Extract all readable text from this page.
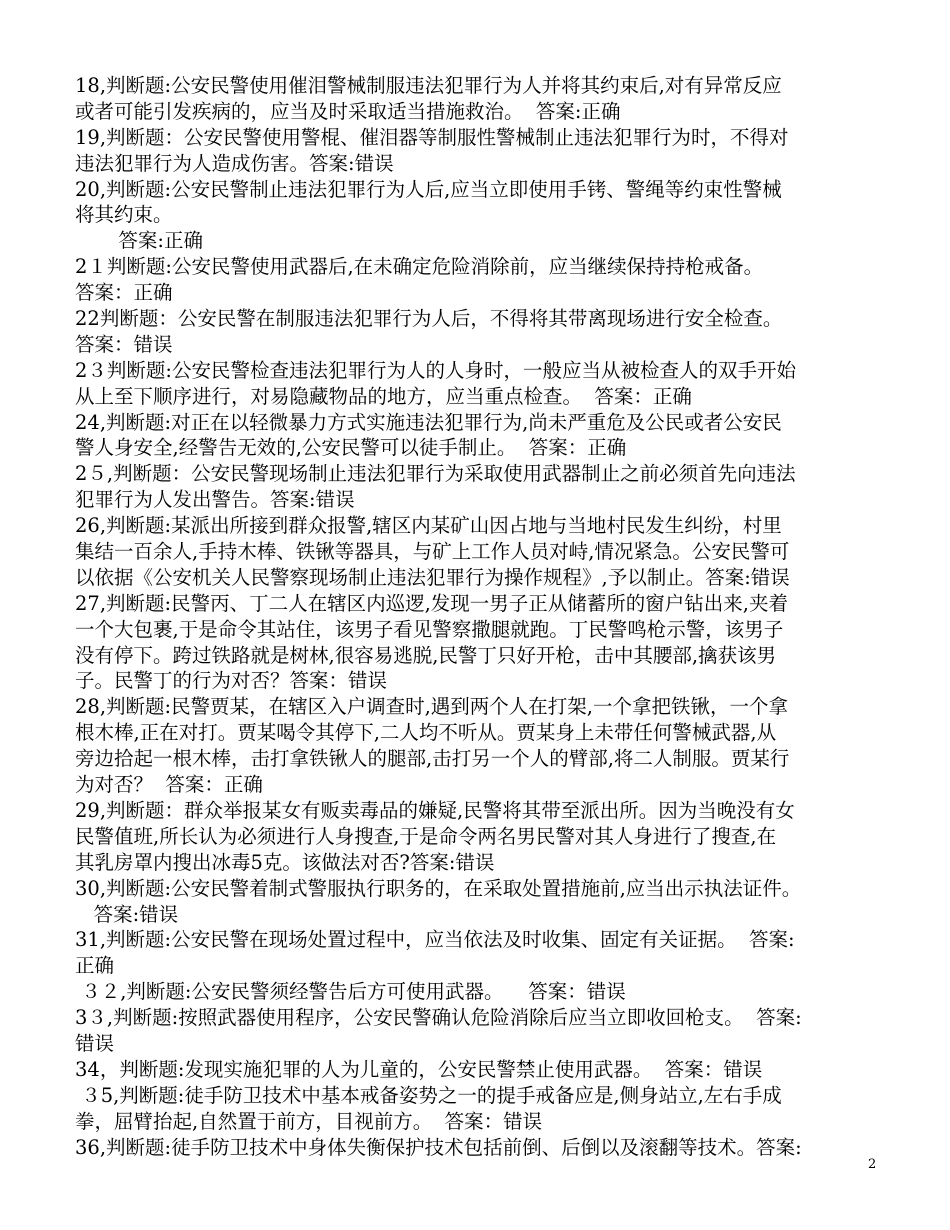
18,判断题:公安民警使用催泪警械制服违法犯罪行为人并将其约束后,对有异常反应
或者可能引发疾病的，应当及时采取适当措施救治。  答案:正确
19,判断题：公安民警使用警棍、催泪器等制服性警械制止违法犯罪行为时，不得对
违法犯罪行为人造成伤害。答案:错误
20,判断题:公安民警制止违法犯罪行为人后,应当立即使用手铐、警绳等约束性警械
将其约束。
答案:正确
2１判断题:公安民警使用武器后,在未确定危险消除前，应当继续保持持枪戒备。
答案：正确
22判断题：公安民警在制服违法犯罪行为人后，不得将其带离现场进行安全检查。
答案：错误
2３判断题:公安民警检查违法犯罪行为人的人身时，一般应当从被检查人的双手开始
从上至下顺序进行，对易隐藏物品的地方，应当重点检查。  答案：正确
24,判断题:对正在以轻微暴力方式实施违法犯罪行为,尚未严重危及公民或者公安民
警人身安全,经警告无效的,公安民警可以徒手制止。  答案：正确
2５,判断题：公安民警现场制止违法犯罪行为采取使用武器制止之前必须首先向违法
犯罪行为人发出警告。答案:错误
26,判断题:某派出所接到群众报警,辖区内某矿山因占地与当地村民发生纠纷，村里
集结一百余人,手持木棒、铁锹等器具，与矿上工作人员对峙,情况紧急。公安民警可
以依据《公安机关人民警察现场制止违法犯罪行为操作规程》,予以制止。答案:错误
27,判断题:民警丙、丁二人在辖区内巡逻,发现一男子正从储蓄所的窗户钻出来,夹着
一个大包裹,于是命令其站住，该男子看见警察撒腿就跑。丁民警鸣枪示警，该男子
没有停下。跨过铁路就是树林,很容易逃脱,民警丁只好开枪，击中其腰部,擒获该男
子。民警丁的行为对否？答案：错误
28,判断题:民警贾某，在辖区入户调查时,遇到两个人在打架,一个拿把铁锹，一个拿
根木棒,正在对打。贾某喝令其停下,二人均不听从。贾某身上未带任何警械武器,从
旁边拾起一根木棒，击打拿铁锹人的腿部,击打另一个人的臂部,将二人制服。贾某行
为对否？  答案：正确
29,判断题：群众举报某女有贩卖毒品的嫌疑,民警将其带至派出所。因为当晚没有女
民警值班,所长认为必须进行人身搜查,于是命令两名男民警对其人身进行了搜查,在
其乳房罩内搜出冰毒5克。该做法对否?答案:错误
30,判断题:公安民警着制式警服执行职务的，在采取处置措施前,应当出示执法证件。
答案:错误
31,判断题:公安民警在现场处置过程中，应当依法及时收集、固定有关证据。  答案:
正确
３２,判断题:公安民警须经警告后方可使用武器。    答案：错误
3３,判断题:按照武器使用程序，公安民警确认危险消除后应当立即收回枪支。  答案:
错误
34，判断题:发现实施犯罪的人为儿童的，公安民警禁止使用武器。  答案：错误
３5,判断题:徒手防卫技术中基本戒备姿势之一的提手戒备应是,侧身站立,左右手成
拳，屈臂抬起,自然置于前方，目视前方。  答案：错误
36,判断题:徒手防卫技术中身体失衡保护技术包括前倒、后倒以及滚翻等技术。答案:
2
